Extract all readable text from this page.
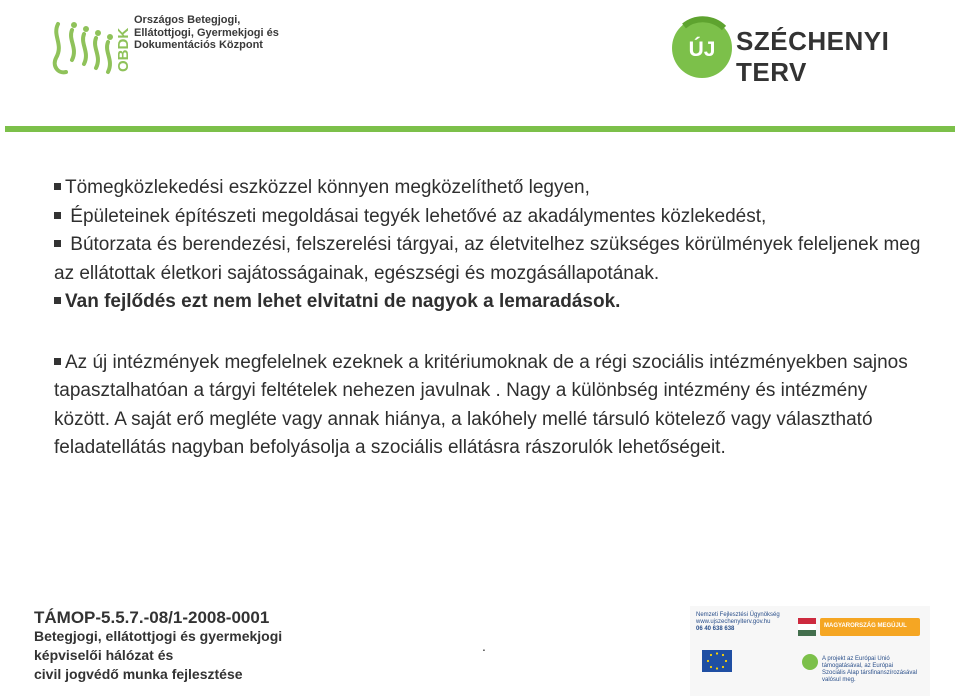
OBDK
Országos Betegjogi,
Ellátottjogi, Gyermekjogi és
Dokumentációs Központ	ÚJ SZÉCHENYI TERV

Tömegközlekedési eszközzel könnyen megközelíthető legyen,

Épületeinek építészeti megoldásai tegyék lehetővé az akadálymentes közlekedést,

Bútorzata és berendezési, felszerelési tárgyai, az életvitelhez szükséges körülmények feleljenek meg az ellátottak életkori sajátosságainak, egészségi és mozgásállapotának.

Van fejlődés ezt nem lehet elvitatni de nagyok a lemaradások.

Az új intézmények megfelelnek ezeknek a kritériumoknak de a régi szociális intézményekben sajnos tapasztalhatóan a tárgyi feltételek nehezen javulnak . Nagy a különbség intézmény és intézmény között. A saját erő megléte vagy annak hiánya, a lakóhely mellé társuló kötelező vagy választható feladatellátás nagyban befolyásolja a szociális ellátásra rászorulók lehetőségeit.

TÁMOP-5.5.7.-08/1-2008-0001
Betegjogi, ellátottjogi és gyermekjogi
képviselői hálózat és
civil jogvédő munka fejlesztése
.
Nemzeti Fejlesztési Ügynökség
www.ujszechenyiterv.gov.hu
06 40 638 638	MAGYARORSZÁG MEGÚJUL
A projekt az Európai Unió támogatásával, az Európai
Szociális Alap társfinanszírozásával valósul meg.
